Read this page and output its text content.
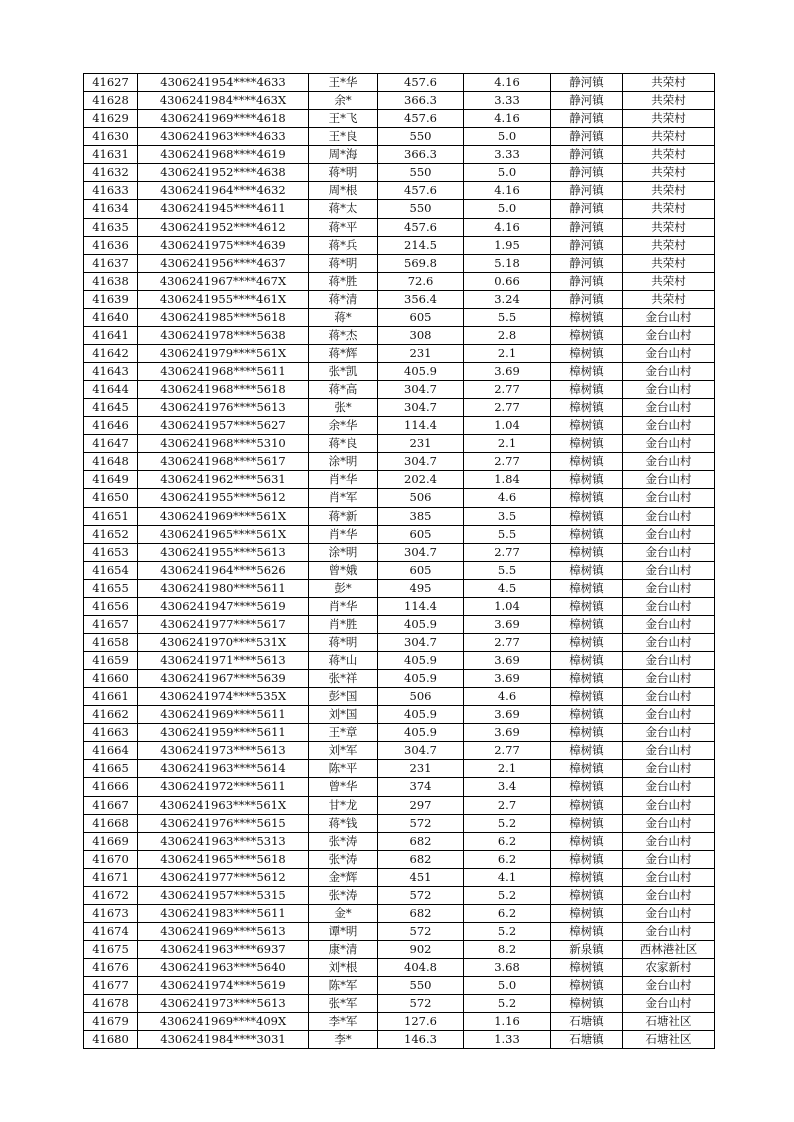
41627	4306241954****4633	王*华	457.6	4.16	静河镇	共荣村
41628	4306241984****463X	余*	366.3	3.33	静河镇	共荣村
41629	4306241969****4618	王*飞	457.6	4.16	静河镇	共荣村
41630	4306241963****4633	王*良	550	5.0	静河镇	共荣村
41631	4306241968****4619	周*海	366.3	3.33	静河镇	共荣村
41632	4306241952****4638	蒋*明	550	5.0	静河镇	共荣村
41633	4306241964****4632	周*根	457.6	4.16	静河镇	共荣村
41634	4306241945****4611	蒋*太	550	5.0	静河镇	共荣村
41635	4306241952****4612	蒋*平	457.6	4.16	静河镇	共荣村
41636	4306241975****4639	蒋*兵	214.5	1.95	静河镇	共荣村
41637	4306241956****4637	蒋*明	569.8	5.18	静河镇	共荣村
41638	4306241967****467X	蒋*胜	72.6	0.66	静河镇	共荣村
41639	4306241955****461X	蒋*清	356.4	3.24	静河镇	共荣村
41640	4306241985****5618	蒋*	605	5.5	樟树镇	金台山村
41641	4306241978****5638	蒋*杰	308	2.8	樟树镇	金台山村
41642	4306241979****561X	蒋*辉	231	2.1	樟树镇	金台山村
41643	4306241968****5611	张*凯	405.9	3.69	樟树镇	金台山村
41644	4306241968****5618	蒋*高	304.7	2.77	樟树镇	金台山村
41645	4306241976****5613	张*	304.7	2.77	樟树镇	金台山村
41646	4306241957****5627	余*华	114.4	1.04	樟树镇	金台山村
41647	4306241968****5310	蒋*良	231	2.1	樟树镇	金台山村
41648	4306241968****5617	涂*明	304.7	2.77	樟树镇	金台山村
41649	4306241962****5631	肖*华	202.4	1.84	樟树镇	金台山村
41650	4306241955****5612	肖*军	506	4.6	樟树镇	金台山村
41651	4306241969****561X	蒋*新	385	3.5	樟树镇	金台山村
41652	4306241965****561X	肖*华	605	5.5	樟树镇	金台山村
41653	4306241955****5613	涂*明	304.7	2.77	樟树镇	金台山村
41654	4306241964****5626	曾*娥	605	5.5	樟树镇	金台山村
41655	4306241980****5611	彭*	495	4.5	樟树镇	金台山村
41656	4306241947****5619	肖*华	114.4	1.04	樟树镇	金台山村
41657	4306241977****5617	肖*胜	405.9	3.69	樟树镇	金台山村
41658	4306241970****531X	蒋*明	304.7	2.77	樟树镇	金台山村
41659	4306241971****5613	蒋*山	405.9	3.69	樟树镇	金台山村
41660	4306241967****5639	张*祥	405.9	3.69	樟树镇	金台山村
41661	4306241974****535X	彭*国	506	4.6	樟树镇	金台山村
41662	4306241969****5611	刘*国	405.9	3.69	樟树镇	金台山村
41663	4306241959****5611	王*章	405.9	3.69	樟树镇	金台山村
41664	4306241973****5613	刘*军	304.7	2.77	樟树镇	金台山村
41665	4306241963****5614	陈*平	231	2.1	樟树镇	金台山村
41666	4306241972****5611	曾*华	374	3.4	樟树镇	金台山村
41667	4306241963****561X	甘*龙	297	2.7	樟树镇	金台山村
41668	4306241976****5615	蒋*钱	572	5.2	樟树镇	金台山村
41669	4306241963****5313	张*涛	682	6.2	樟树镇	金台山村
41670	4306241965****5618	张*涛	682	6.2	樟树镇	金台山村
41671	4306241977****5612	金*辉	451	4.1	樟树镇	金台山村
41672	4306241957****5315	张*涛	572	5.2	樟树镇	金台山村
41673	4306241983****5611	金*	682	6.2	樟树镇	金台山村
41674	4306241969****5613	谭*明	572	5.2	樟树镇	金台山村
41675	4306241963****6937	康*清	902	8.2	新泉镇	西林港社区
41676	4306241963****5640	刘*根	404.8	3.68	樟树镇	农家新村
41677	4306241974****5619	陈*军	550	5.0	樟树镇	金台山村
41678	4306241973****5613	张*军	572	5.2	樟树镇	金台山村
41679	4306241969****409X	李*军	127.6	1.16	石塘镇	石塘社区
41680	4306241984****3031	李*	146.3	1.33	石塘镇	石塘社区
